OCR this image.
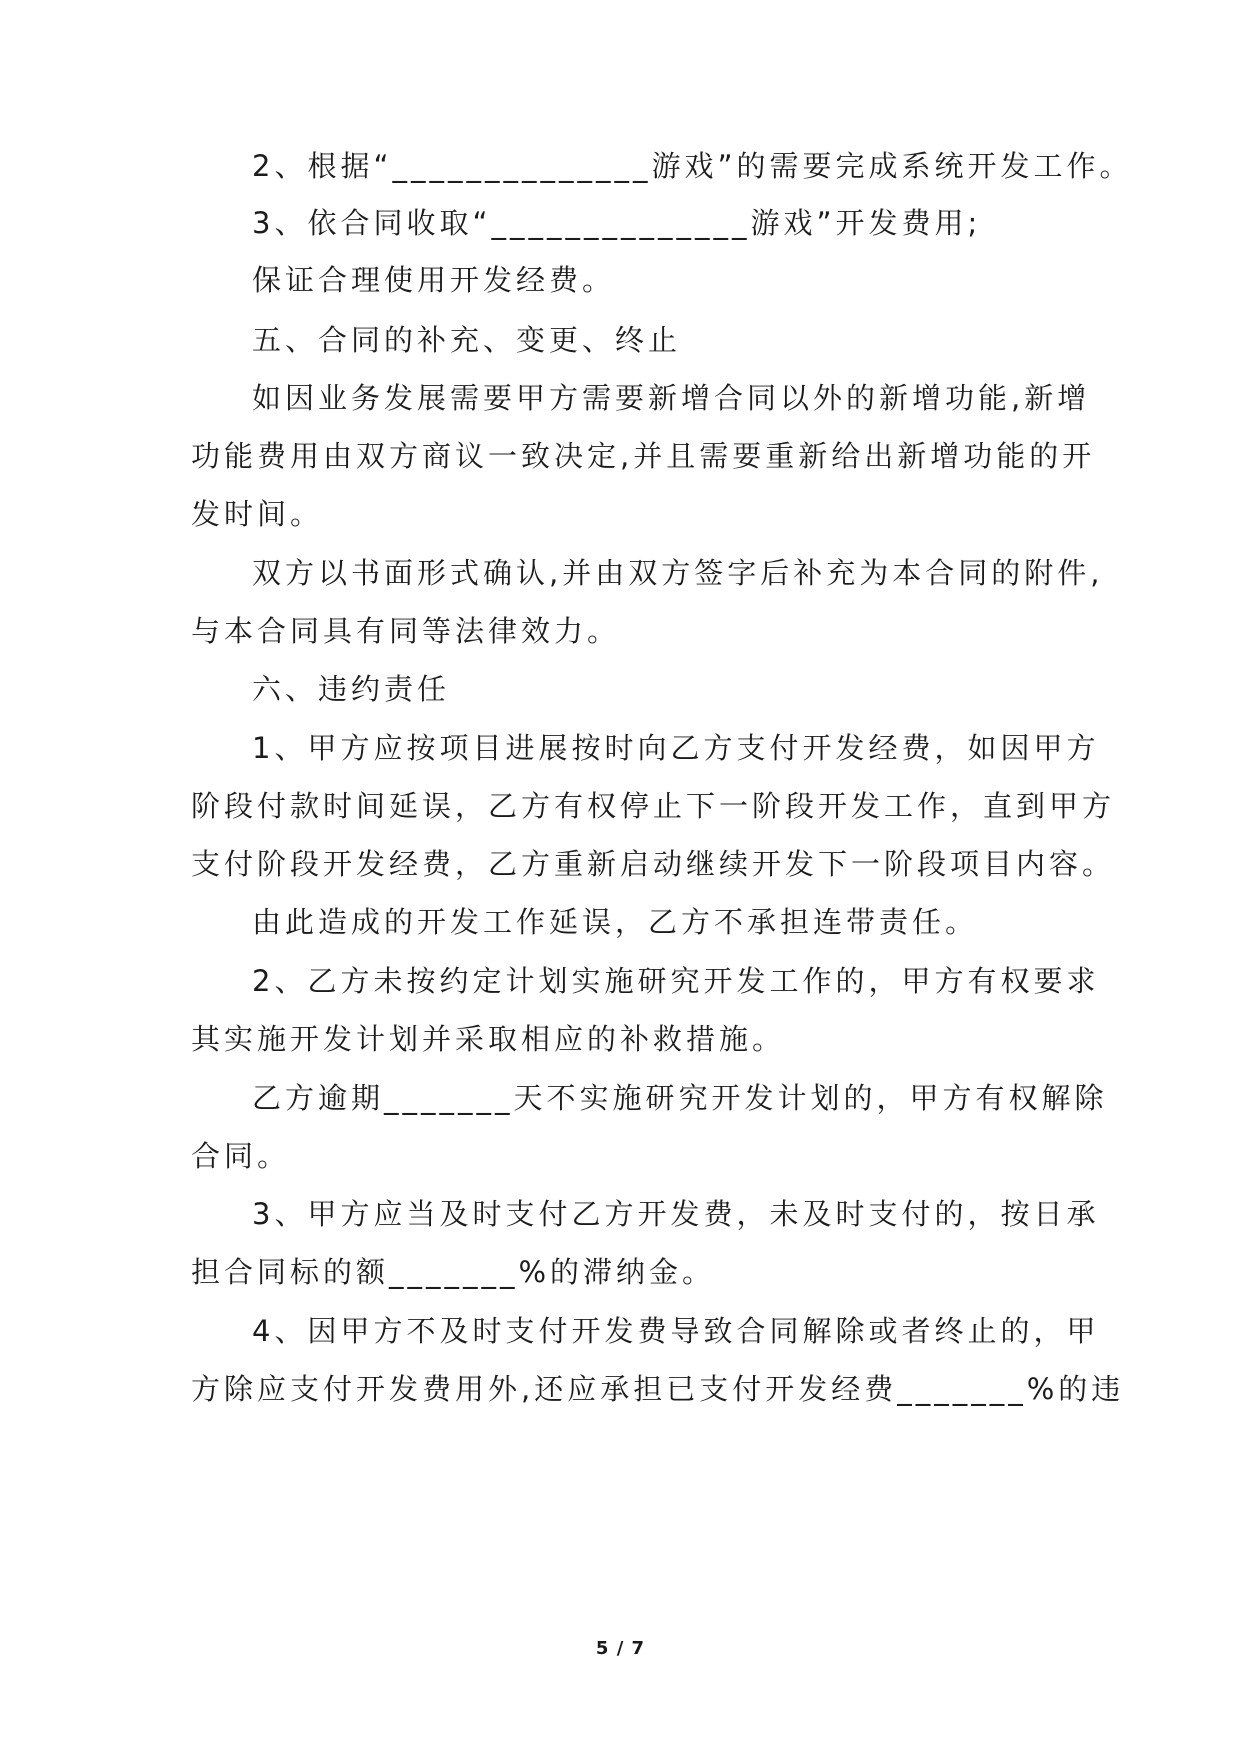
2、根据“______________游戏”的需要完成系统开发工作。
3、依合同收取“______________游戏”开发费用;
保证合理使用开发经费。
五、合同的补充、变更、终止
如因业务发展需要甲方需要新增合同以外的新增功能,新增
功能费用由双方商议一致决定,并且需要重新给出新增功能的开
发时间。
双方以书面形式确认,并由双方签字后补充为本合同的附件,
与本合同具有同等法律效力。
六、违约责任
1、甲方应按项目进展按时向乙方支付开发经费，如因甲方
阶段付款时间延误，乙方有权停止下一阶段开发工作，直到甲方
支付阶段开发经费，乙方重新启动继续开发下一阶段项目内容。
由此造成的开发工作延误，乙方不承担连带责任。
2、乙方未按约定计划实施研究开发工作的，甲方有权要求
其实施开发计划并采取相应的补救措施。
乙方逾期_______天不实施研究开发计划的，甲方有权解除
合同。
3、甲方应当及时支付乙方开发费，未及时支付的，按日承
担合同标的额_______%的滞纳金。
4、因甲方不及时支付开发费导致合同解除或者终止的，甲
方除应支付开发费用外,还应承担已支付开发经费_______%的违
5 / 7
